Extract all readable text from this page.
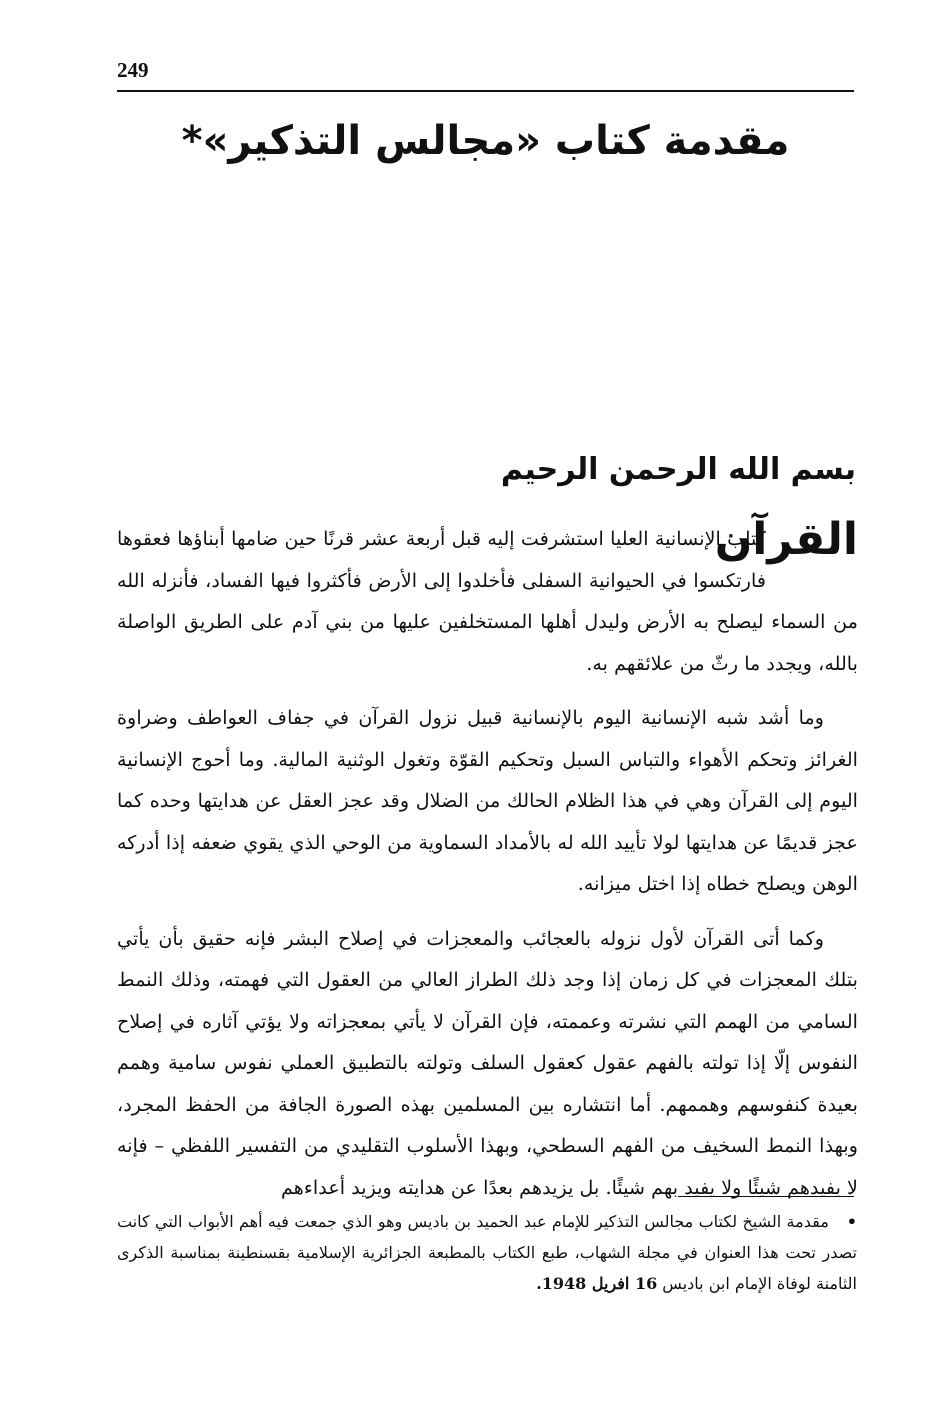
249
مقدمة كتاب «مجالس التذكير»*
بسم الله الرحمن الرحيم
القرآن

كتاب الإنسانية العليا استشرفت إليه قبل أربعة عشر قرنًا حين ضامها أبناؤها فعقوها فارتكسوا في الحيوانية السفلى فأخلدوا إلى الأرض فأكثروا فيها الفساد، فأنزله الله من السماء ليصلح به الأرض وليدل أهلها المستخلفين عليها من بني آدم على الطريق الواصلة بالله، ويجدد ما رثّ من علائقهم به.

وما أشد شبه الإنسانية اليوم بالإنسانية قبيل نزول القرآن في جفاف العواطف وضراوة الغرائز وتحكم الأهواء والتباس السبل وتحكيم القوّة وتغول الوثنية المالية. وما أحوج الإنسانية اليوم إلى القرآن وهي في هذا الظلام الحالك من الضلال وقد عجز العقل عن هدايتها وحده كما عجز قديمًا عن هدايتها لولا تأييد الله له بالأمداد السماوية من الوحي الذي يقوي ضعفه إذا أدركه الوهن ويصلح خطاه إذا اختل ميزانه.

وكما أتى القرآن لأول نزوله بالعجائب والمعجزات في إصلاح البشر فإنه حقيق بأن يأتي بتلك المعجزات في كل زمان إذا وجد ذلك الطراز العالي من العقول التي فهمته، وذلك النمط السامي من الهمم التي نشرته وعممته، فإن القرآن لا يأتي بمعجزاته ولا يؤتي آثاره في إصلاح النفوس إلّا إذا تولته بالفهم عقول كعقول السلف وتولته بالتطبيق العملي نفوس سامية وهمم بعيدة كنفوسهم وهممهم. أما انتشاره بين المسلمين بهذه الصورة الجافة من الحفظ المجرد، وبهذا النمط السخيف من الفهم السطحي، وبهذا الأسلوب التقليدي من التفسير اللفظي – فإنه لا يفيدهم شيئًا ولا يفيد بهم شيئًا. بل يزيدهم بعدًا عن هدايته ويزيد أعداءهم

•مقدمة الشيخ لكتاب مجالس التذكير للإمام عبد الحميد بن باديس وهو الذي جمعت فيه أهم الأبواب التي كانت تصدر تحت هذا العنوان في مجلة الشهاب، طبع الكتاب بالمطبعة الجزائرية الإسلامية بقسنطينة بمناسبة الذكرى الثامنة لوفاة الإمام ابن باديس 16 افريل 1948.
